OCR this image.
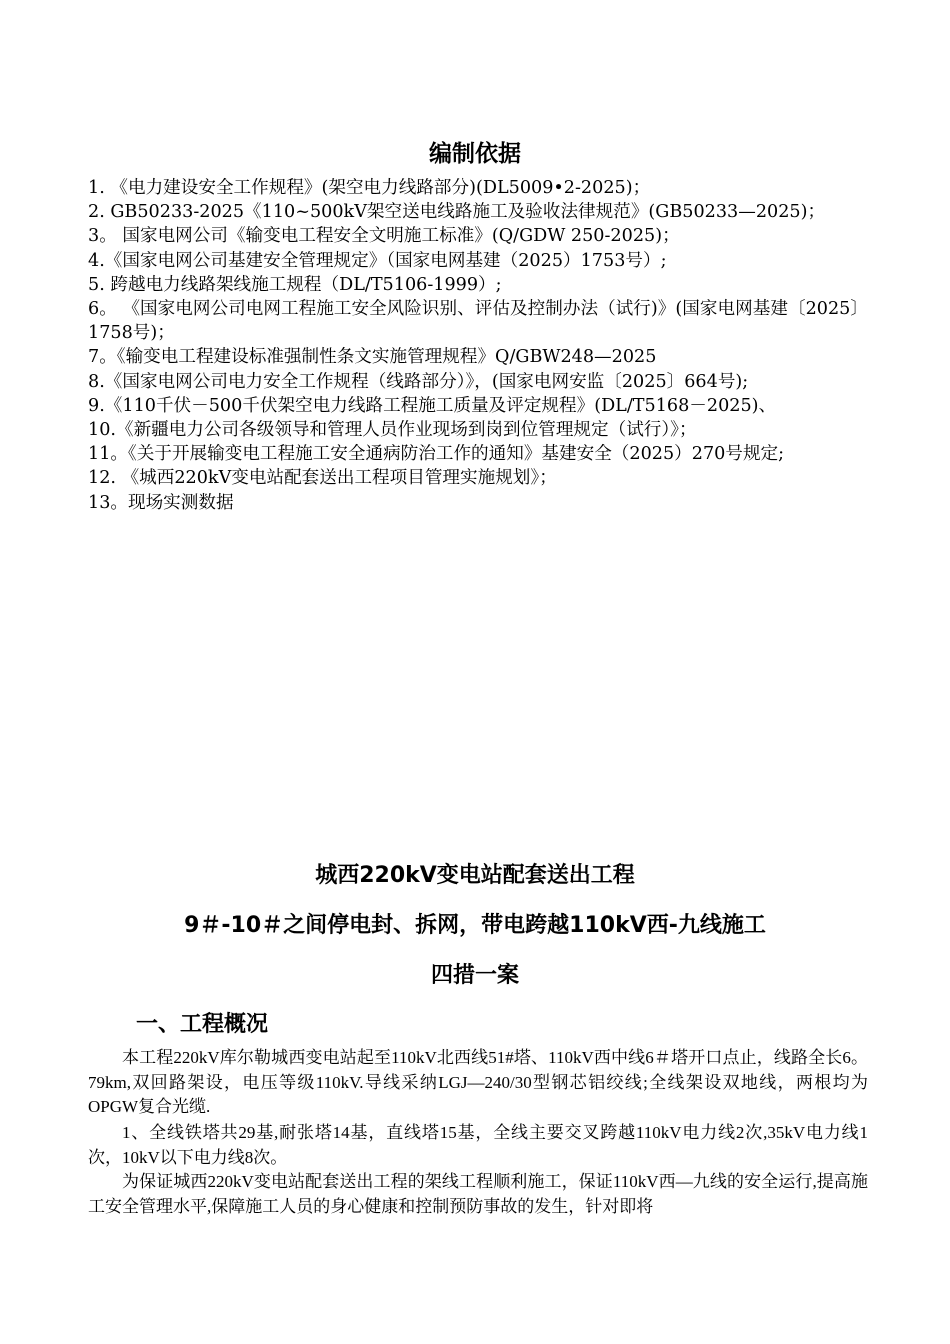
编制依据
1. 《电力建设安全工作规程》(架空电力线路部分)(DL5009•2-2025)；
2. GB50233-2025《110~500kV架空送电线路施工及验收法律规范》(GB50233—2025)；
3。 国家电网公司《输变电工程安全文明施工标准》(Q/GDW 250-2025)；
4.《国家电网公司基建安全管理规定》（国家电网基建（2025）1753号）;
5. 跨越电力线路架线施工规程（DL/T5106-1999）;
6。 《国家电网公司电网工程施工安全风险识别、评估及控制办法（试行)》(国家电网基建〔2025〕1758号)；
7。《输变电工程建设标准强制性条文实施管理规程》Q/GBW248—2025
8.《国家电网公司电力安全工作规程（线路部分）》，(国家电网安监〔2025〕664号);
9.《110千伏－500千伏架空电力线路工程施工质量及评定规程》(DL/T5168－2025)、
10.《新疆电力公司各级领导和管理人员作业现场到岗到位管理规定（试行）》；
11。《关于开展输变电工程施工安全通病防治工作的通知》基建安全（2025）270号规定;
12. 《城西220kV变电站配套送出工程项目管理实施规划》；
13。现场实测数据
城西220kV变电站配套送出工程
9＃-10＃之间停电封、拆网，带电跨越110kV西-九线施工
四措一案
一、工程概况

本工程220kV库尔勒城西变电站起至110kV北西线51#塔、110kV西中线6＃塔开口点止，线路全长6。79km,双回路架设，电压等级110kV.导线采纳LGJ—240/30型钢芯铝绞线;全线架设双地线，两根均为OPGW复合光缆.

1、全线铁塔共29基,耐张塔14基，直线塔15基，全线主要交叉跨越110kV电力线2次,35kV电力线1次，10kV以下电力线8次。

为保证城西220kV变电站配套送出工程的架线工程顺利施工，保证110kV西—九线的安全运行,提高施工安全管理水平,保障施工人员的身心健康和控制预防事故的发生，针对即将
